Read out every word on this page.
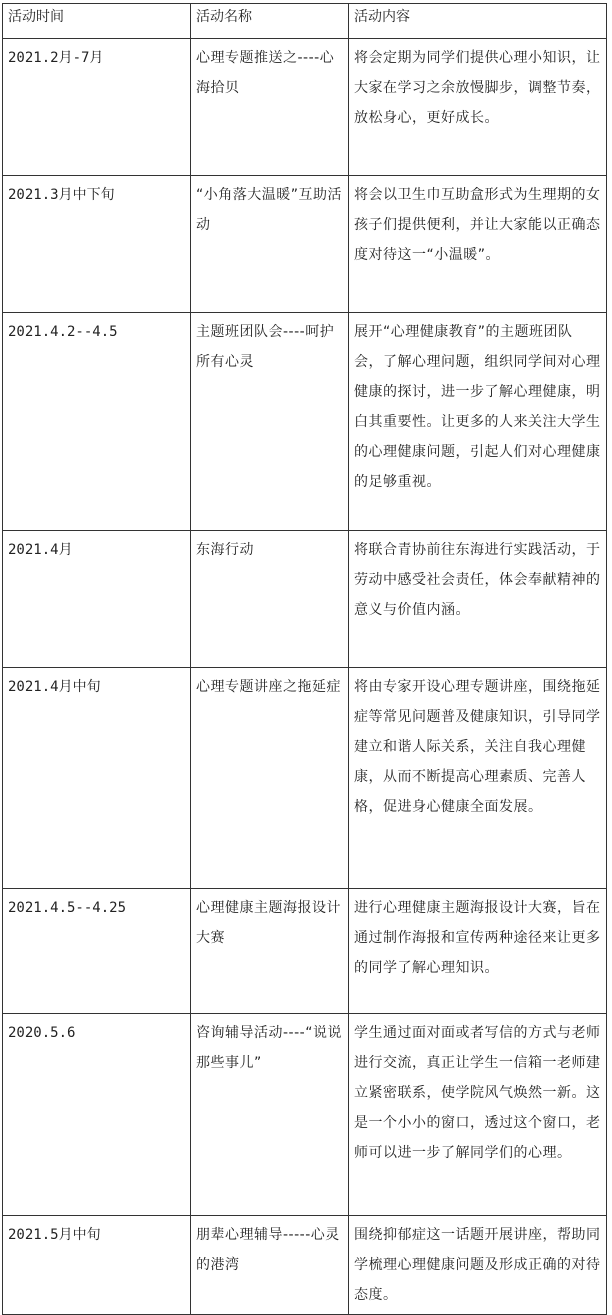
活动时间	活动名称	活动内容
2021.2月-7月	心理专题推送之----心海拾贝	将会定期为同学们提供心理小知识，让大家在学习之余放慢脚步，调整节奏，放松身心，更好成长。
2021.3月中下旬	“小角落大温暖”互助活动	将会以卫生巾互助盒形式为生理期的女孩子们提供便利，并让大家能以正确态度对待这一“小温暖”。
2021.4.2--4.5	主题班团队会----呵护所有心灵	展开“心理健康教育”的主题班团队会，了解心理问题，组织同学间对心理健康的探讨，进一步了解心理健康，明白其重要性。让更多的人来关注大学生的心理健康问题，引起人们对心理健康的足够重视。
2021.4月	东海行动	将联合青协前往东海进行实践活动，于劳动中感受社会责任，体会奉献精神的意义与价值内涵。
2021.4月中旬	心理专题讲座之拖延症	将由专家开设心理专题讲座，围绕拖延症等常见问题普及健康知识，引导同学建立和谐人际关系，关注自我心理健康，从而不断提高心理素质、完善人格，促进身心健康全面发展。
2021.4.5--4.25	心理健康主题海报设计大赛	进行心理健康主题海报设计大赛，旨在通过制作海报和宣传两种途径来让更多的同学了解心理知识。
2020.5.6	咨询辅导活动----“说说那些事儿”	学生通过面对面或者写信的方式与老师进行交流，真正让学生一信箱一老师建立紧密联系，使学院风气焕然一新。这是一个小小的窗口，透过这个窗口，老师可以进一步了解同学们的心理。
2021.5月中旬	朋辈心理辅导-----心灵的港湾	围绕抑郁症这一话题开展讲座，帮助同学梳理心理健康问题及形成正确的对待态度。
